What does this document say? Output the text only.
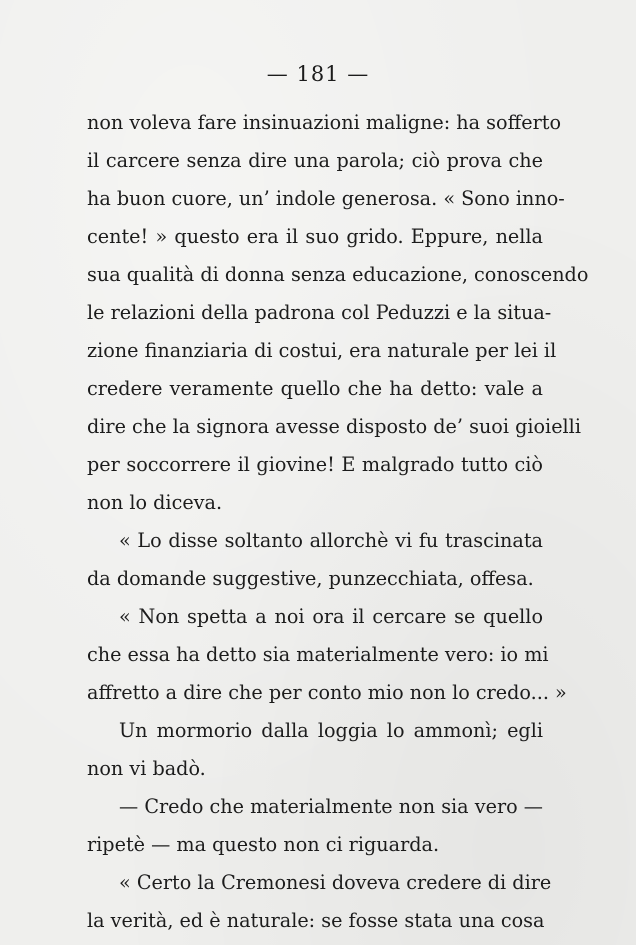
— 181 —
non voleva fare insinuazioni maligne: ha sofferto
il carcere senza dire una parola; ciò prova che
ha buon cuore, un’ indole generosa. « Sono inno-
cente! » questo era il suo grido. Eppure, nella
sua qualità di donna senza educazione, conoscendo
le relazioni della padrona col Peduzzi e la situa-
zione finanziaria di costui, era naturale per lei il
credere veramente quello che ha detto: vale a
dire che la signora avesse disposto de’ suoi gioielli
per soccorrere il giovine! E malgrado tutto ciò
non lo diceva.
« Lo disse soltanto allorchè vi fu trascinata
da domande suggestive, punzecchiata, offesa.
« Non spetta a noi ora il cercare se quello
che essa ha detto sia materialmente vero: io mi
affretto a dire che per conto mio non lo credo... »
Un mormorio dalla loggia lo ammonì; egli
non vi badò.
— Credo che materialmente non sia vero —
ripetè — ma questo non ci riguarda.
« Certo la Cremonesi doveva credere di dire
la verità, ed è naturale: se fosse stata una cosa
